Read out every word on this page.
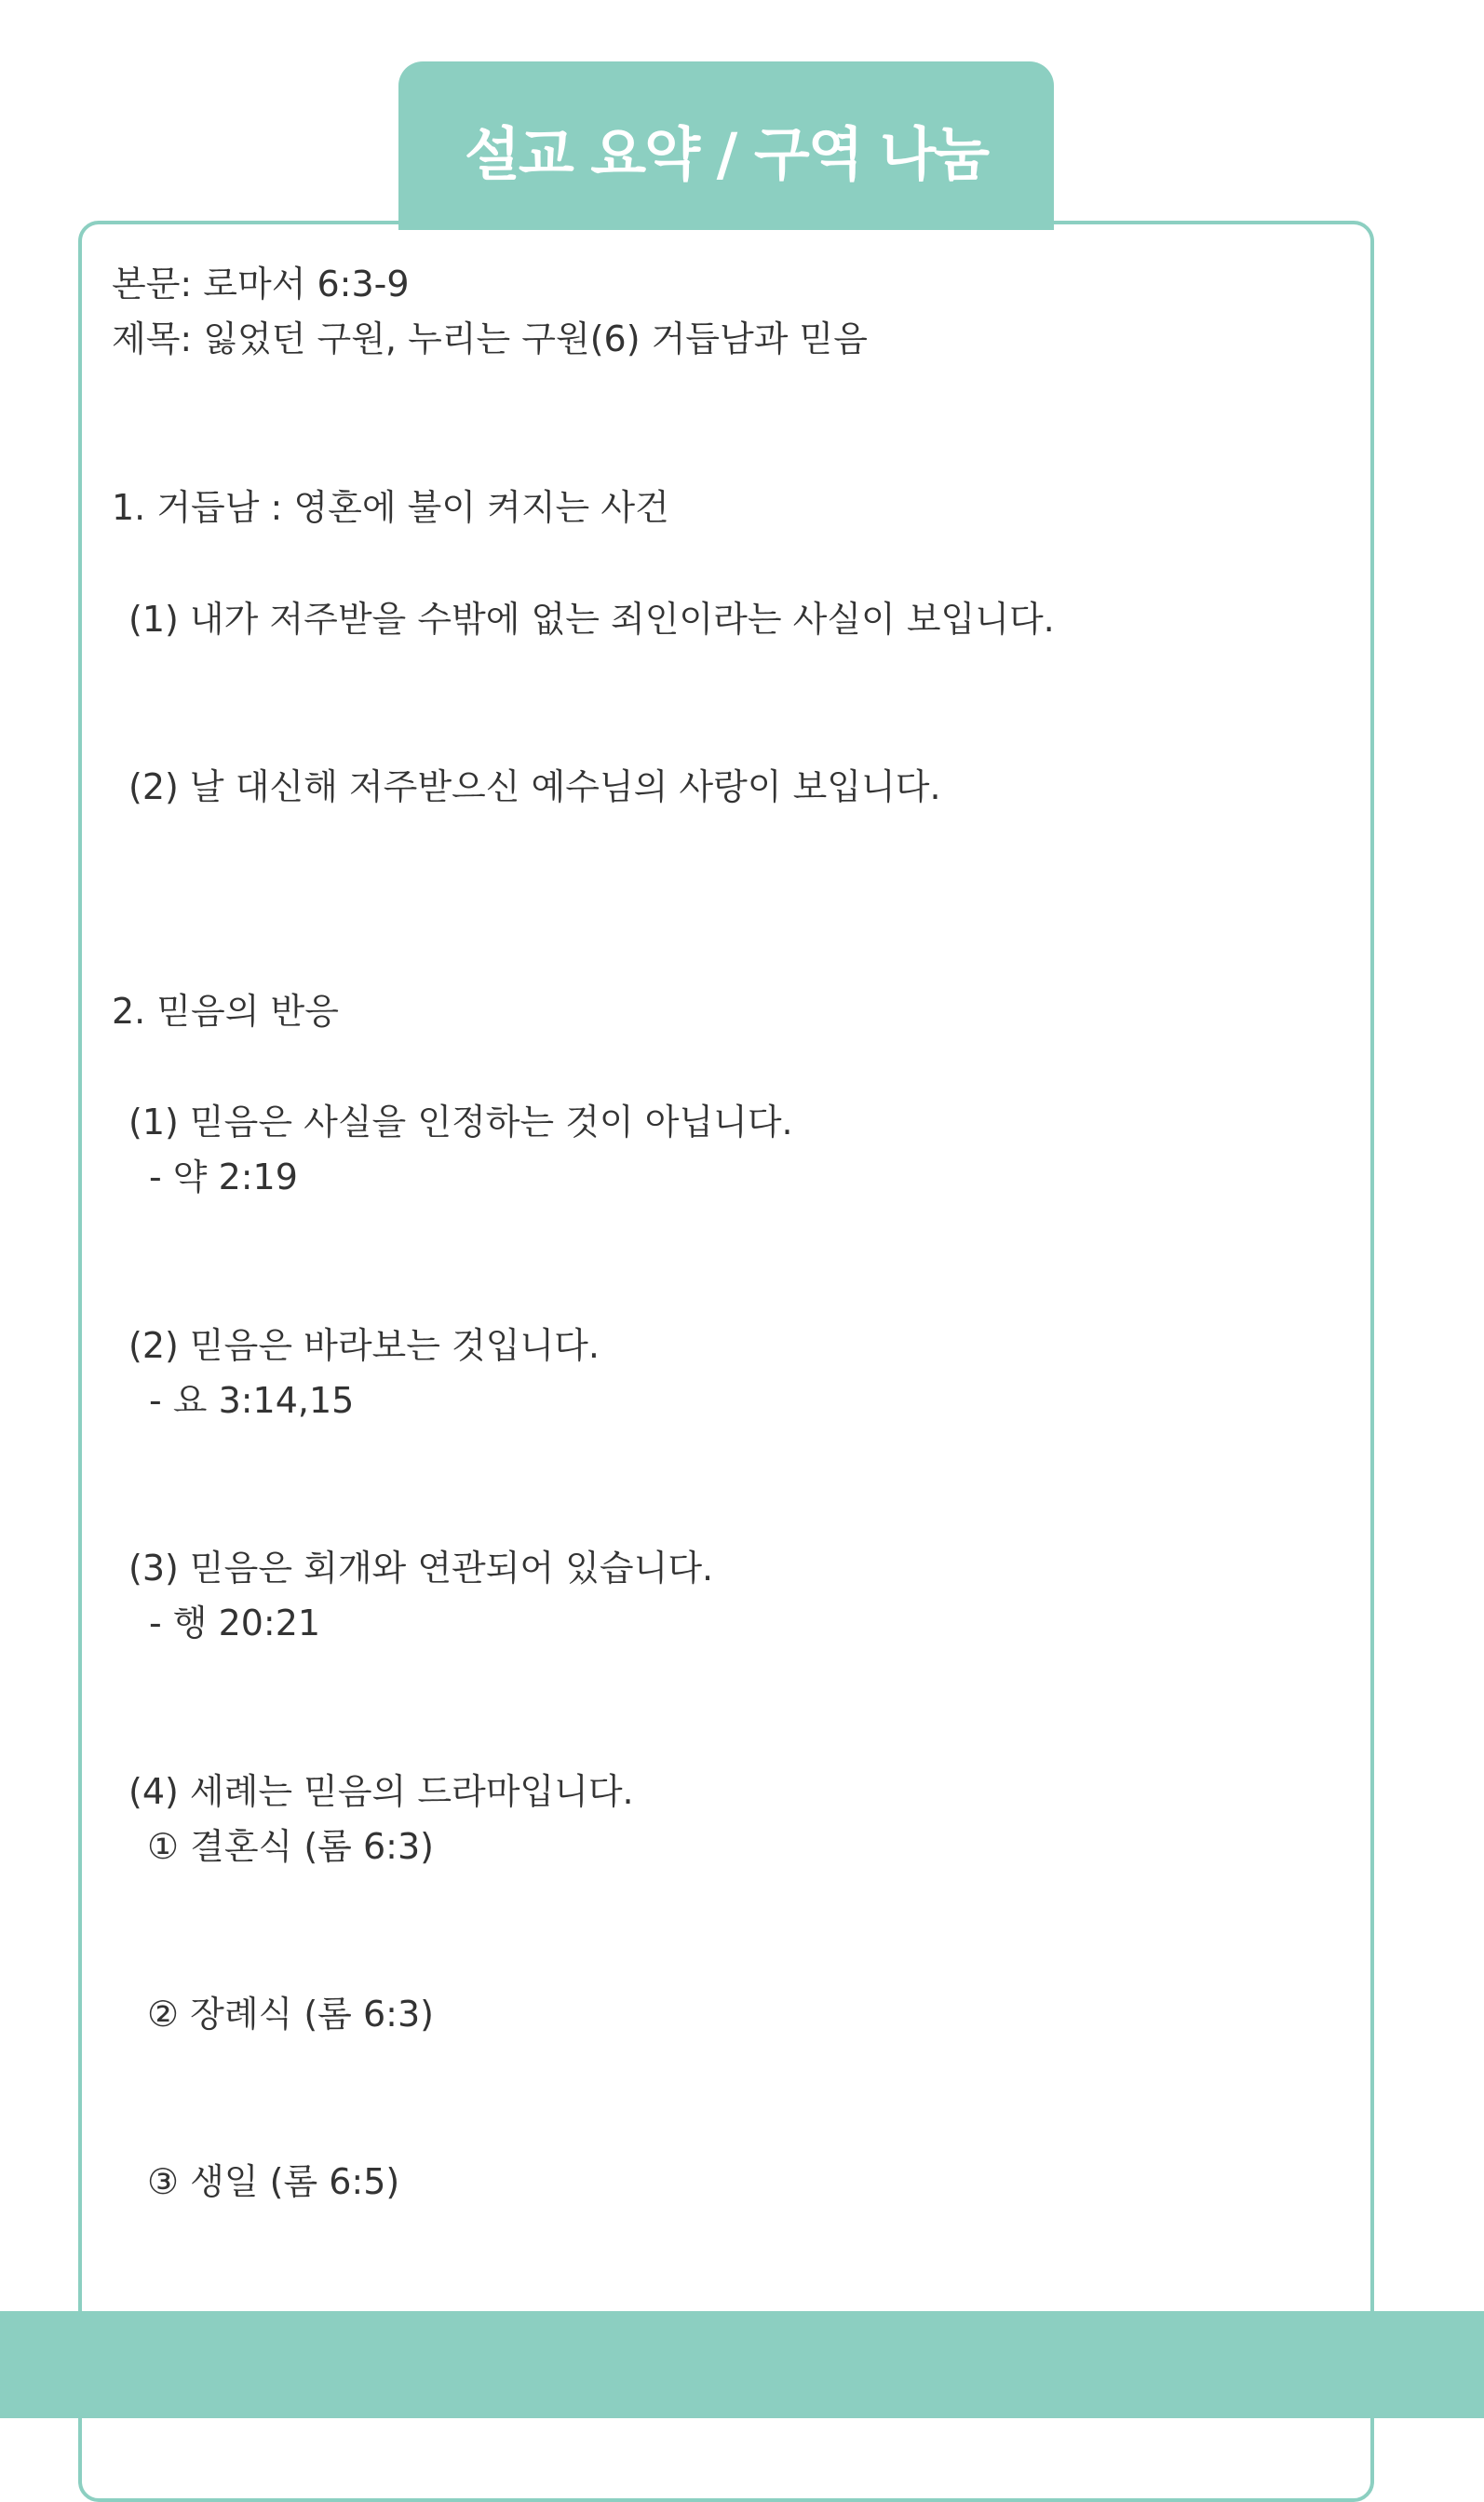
설교 요약 / 구역 나눔
본문: 로마서 6:3-9
제목: 잃었던 구원, 누리는 구원(6) 거듭남과 믿음
1. 거듭남 : 영혼에 불이 켜지는 사건
(1) 내가 저주받을 수밖에 없는 죄인이라는 사실이 보입니다.
(2) 날 대신해 저주받으신 예수님의 사랑이 보입니다.
2. 믿음의 반응
(1) 믿음은 사실을 인정하는 것이 아닙니다.
- 약 2:19
(2) 믿음은 바라보는 것입니다.
- 요 3:14,15
(3) 믿음은 회개와 연관되어 있습니다.
- 행 20:21
(4) 세례는 믿음의 드라마입니다.
① 결혼식 (롬 6:3)
② 장례식 (롬 6:3)
③ 생일 (롬 6:5)
